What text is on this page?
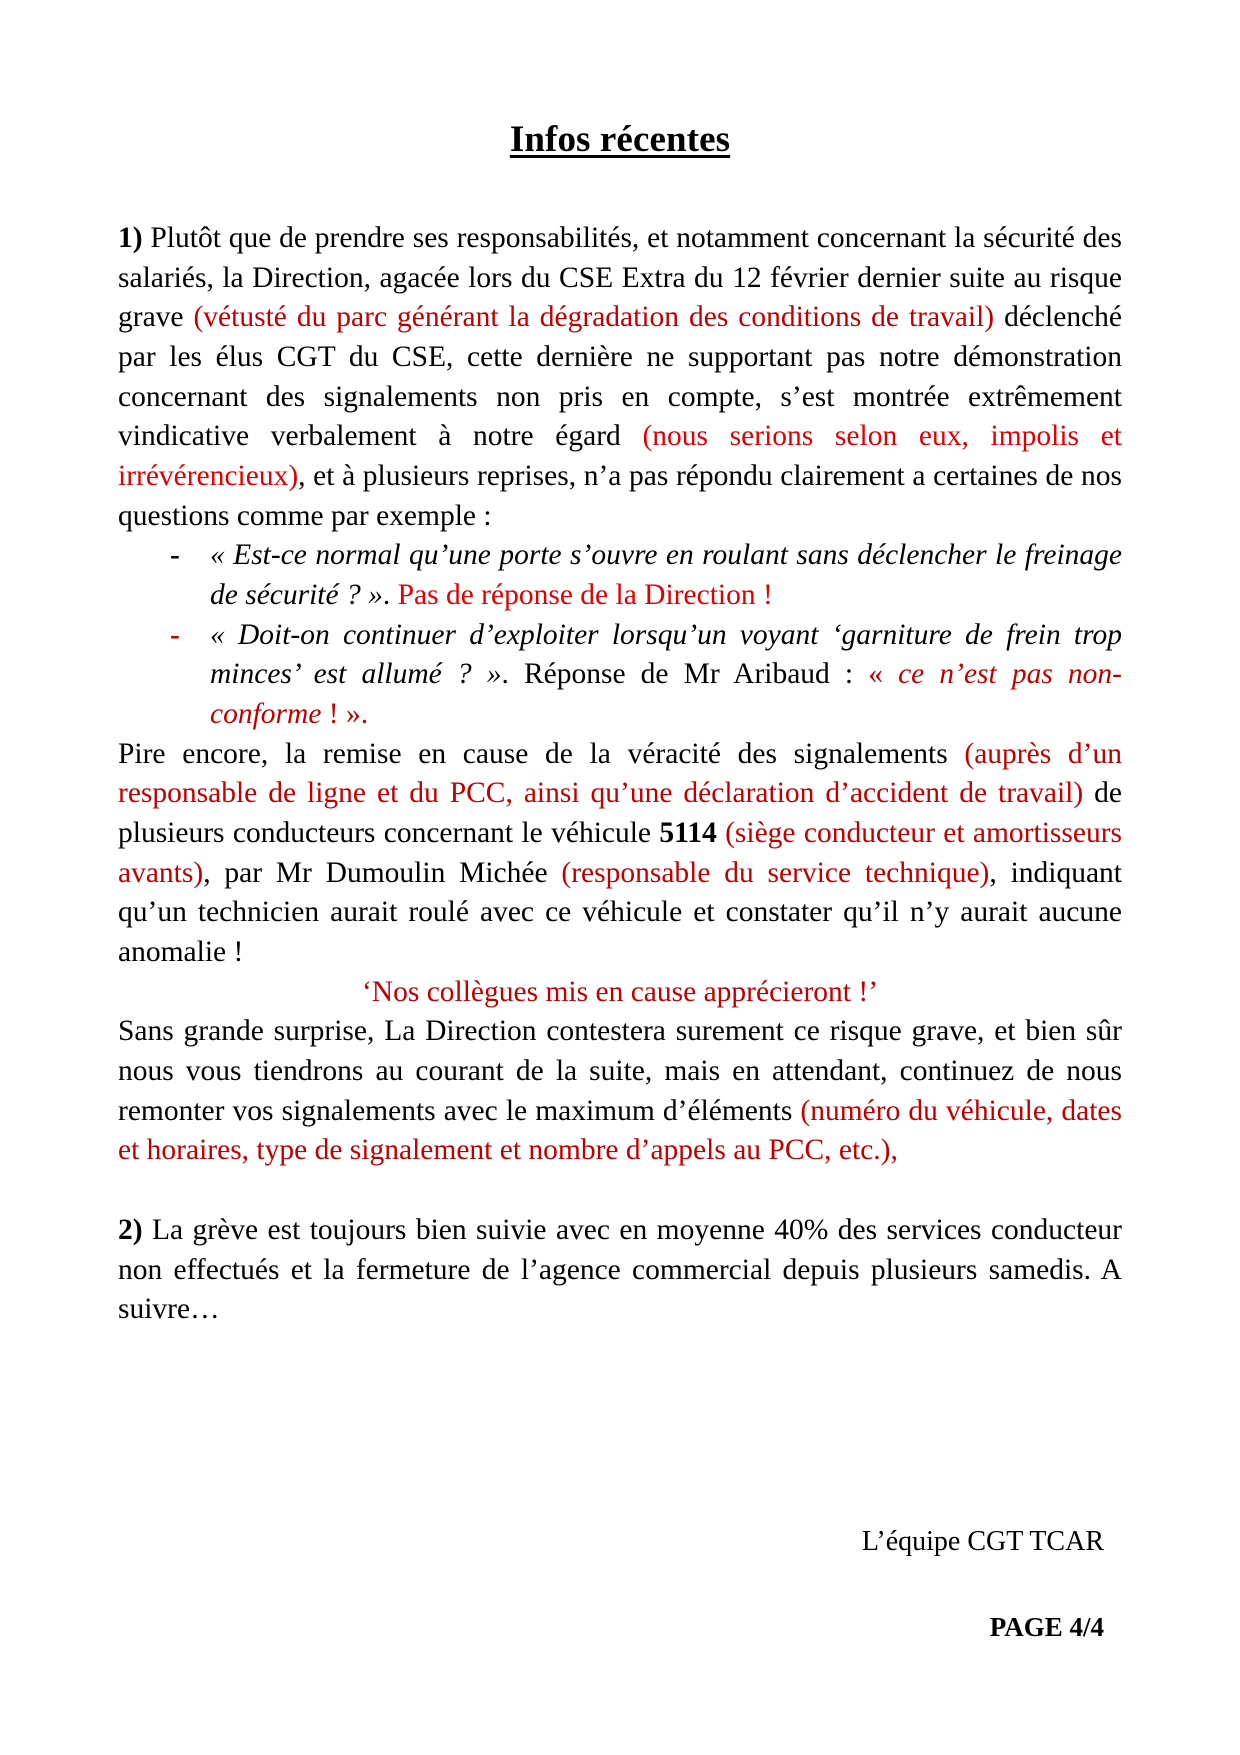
Infos récentes

1) Plutôt que de prendre ses responsabilités, et notamment concernant la sécurité des salariés, la Direction, agacée lors du CSE Extra du 12 février dernier suite au risque grave (vétusté du parc générant la dégradation des conditions de travail) déclenché par les élus CGT du CSE, cette dernière ne supportant pas notre démonstration concernant des signalements non pris en compte, s’est montrée extrêmement vindicative verbalement à notre égard (nous serions selon eux, impolis et irrévérencieux), et à plusieurs reprises, n’a pas répondu clairement a certaines de nos questions comme par exemple :

- « Est-ce normal qu’une porte s’ouvre en roulant sans déclencher le freinage de sécurité ? ». Pas de réponse de la Direction !
- « Doit-on continuer d’exploiter lorsqu’un voyant ‘garniture de frein trop minces’ est allumé ? ». Réponse de Mr Aribaud : « ce n’est pas non-conforme ! ».

Pire encore, la remise en cause de la véracité des signalements (auprès d’un responsable de ligne et du PCC, ainsi qu’une déclaration d’accident de travail) de plusieurs conducteurs concernant le véhicule 5114 (siège conducteur et amortisseurs avants), par Mr Dumoulin Michée (responsable du service technique), indiquant qu’un technicien aurait roulé avec ce véhicule et constater qu’il n’y aurait aucune anomalie !

‘Nos collègues mis en cause apprécieront !’

Sans grande surprise, La Direction contestera surement ce risque grave, et bien sûr nous vous tiendrons au courant de la suite, mais en attendant, continuez de nous remonter vos signalements avec le maximum d’éléments (numéro du véhicule, dates et horaires, type de signalement et nombre d’appels au PCC, etc.),

2) La grève est toujours bien suivie avec en moyenne 40% des services conducteur non effectués et la fermeture de l’agence commercial depuis plusieurs samedis. A suivre…

L’équipe CGT TCAR

PAGE 4/4
